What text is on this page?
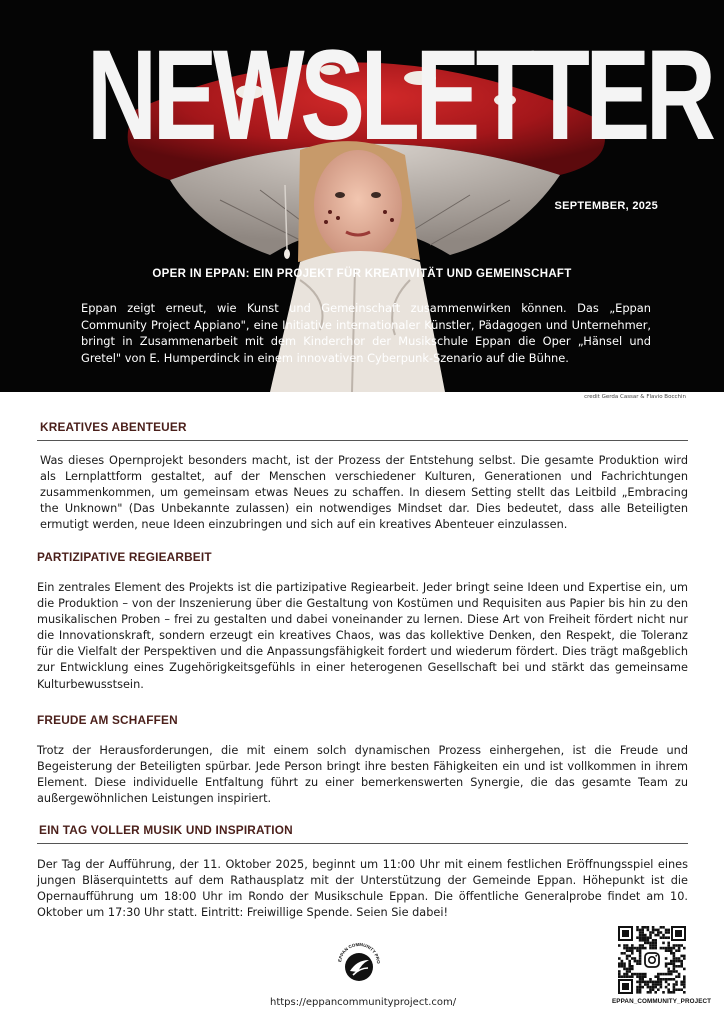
NEWSLETTER
SEPTEMBER, 2025
OPER IN EPPAN: EIN PROJEKT FÜR KREATIVITÄT UND GEMEINSCHAFT

Eppan zeigt erneut, wie Kunst und Gemeinschaft zusammenwirken können. Das „Eppan Community Project Appiano", eine Initiative internationaler Künstler, Pädagogen und Unternehmer, bringt in Zusammenarbeit mit dem Kinderchor der Musikschule Eppan die Oper „Hänsel und Gretel" von E. Humperdinck in einem innovativen Cyberpunk-Szenario auf die Bühne.

credit Gerda Cassar & Flavio Bocchin
KREATIVES ABENTEUER

Was dieses Opernprojekt besonders macht, ist der Prozess der Entstehung selbst. Die gesamte Produktion wird als Lernplattform gestaltet, auf der Menschen verschiedener Kulturen, Generationen und Fachrichtungen zusammenkommen, um gemeinsam etwas Neues zu schaffen. In diesem Setting stellt das Leitbild „Embracing the Unknown" (Das Unbekannte zulassen) ein notwendiges Mindset dar. Dies bedeutet, dass alle Beteiligten ermutigt werden, neue Ideen einzubringen und sich auf ein kreatives Abenteuer einzulassen.

PARTIZIPATIVE REGIEARBEIT

Ein zentrales Element des Projekts ist die partizipative Regiearbeit. Jeder bringt seine Ideen und Expertise ein, um die Produktion – von der Inszenierung über die Gestaltung von Kostümen und Requisiten aus Papier bis hin zu den musikalischen Proben – frei zu gestalten und dabei voneinander zu lernen. Diese Art von Freiheit fördert nicht nur die Innovationskraft, sondern erzeugt ein kreatives Chaos, was das kollektive Denken, den Respekt, die Toleranz für die Vielfalt der Perspektiven und die Anpassungsfähigkeit fordert und wiederum fördert. Dies trägt maßgeblich zur Entwicklung eines Zugehörigkeitsgefühls in einer heterogenen Gesellschaft bei und stärkt das gemeinsame Kulturbewusstsein.

FREUDE AM SCHAFFEN

Trotz der Herausforderungen, die mit einem solch dynamischen Prozess einhergehen, ist die Freude und Begeisterung der Beteiligten spürbar. Jede Person bringt ihre besten Fähigkeiten ein und ist vollkommen in ihrem Element. Diese individuelle Entfaltung führt zu einer bemerkenswerten Synergie, die das gesamte Team zu außergewöhnlichen Leistungen inspiriert.

EIN TAG VOLLER MUSIK UND INSPIRATION

Der Tag der Aufführung, der 11. Oktober 2025, beginnt um 11:00 Uhr mit einem festlichen Eröffnungsspiel eines jungen Bläserquintetts auf dem Rathausplatz mit der Unterstützung der Gemeinde Eppan. Höhepunkt ist die Opernaufführung um 18:00 Uhr im Rondo der Musikschule Eppan. Die öffentliche Generalprobe findet am 10. Oktober um 17:30 Uhr statt. Eintritt: Freiwillige Spende. Seien Sie dabei!

EPPAN COMMUNITY PRO
https://eppancommunityproject.com/	EPPAN_COMMUNITY_PROJECT
